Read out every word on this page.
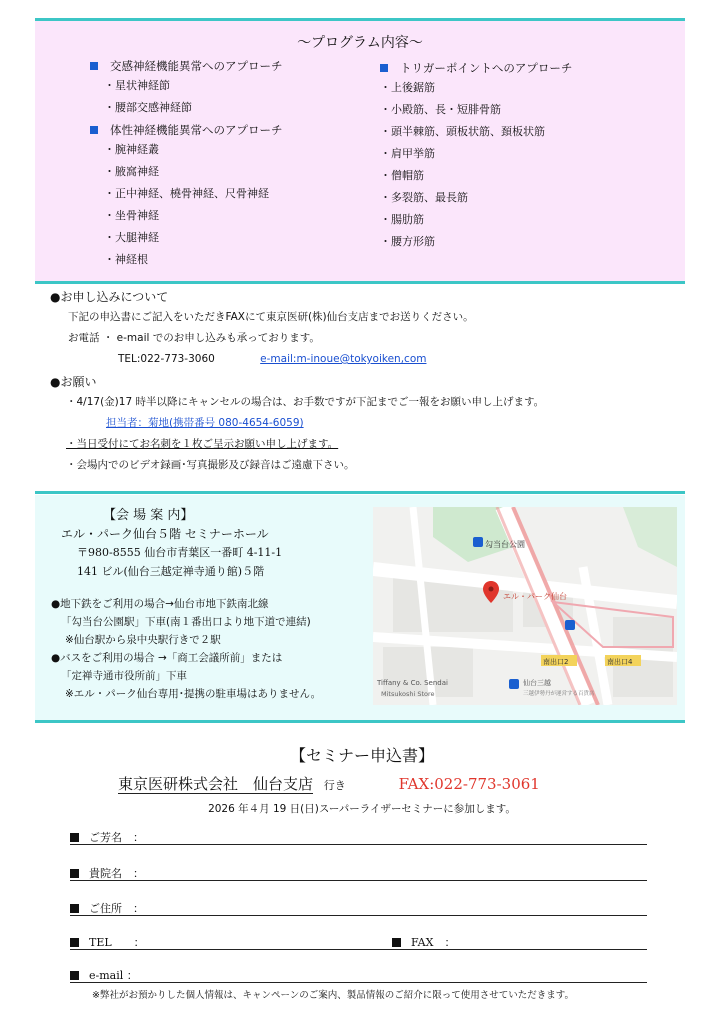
～プログラム内容～
交感神経機能異常へのアプローチ
・星状神経節
・腰部交感神経節
体性神経機能異常へのアプローチ
・腕神経叢
・腋窩神経
・正中神経、橈骨神経、尺骨神経
・坐骨神経
・大腿神経
・神経根
トリガーポイントへのアプローチ
・上後鋸筋
・小殿筋、長・短腓骨筋
・頭半棘筋、頭板状筋、頚板状筋
・肩甲挙筋
・僧帽筋
・多裂筋、最長筋
・腸肋筋
・腰方形筋
●お申し込みについて
下記の申込書にご記入をいただきFAXにて東京医研(株)仙台支店までお送りください。
お電話 ・ e-mail でのお申し込みも承っております。
TEL:022-773-3060	e-mail:m-inoue@tokyoiken,com
●お願い
・4/17(金)17 時半以降にキャンセルの場合は、お手数ですが下記までご一報をお願い申し上げます。
担当者：菊地(携帯番号 080-4654-6059)
・当日受付にてお名刺を１枚ご呈示お願い申し上げます。
・会場内でのビデオ録画･写真撮影及び録音はご遠慮下さい。
【会 場 案 内】
エル・パーク仙台５階 セミナーホール
〒980-8555 仙台市青葉区一番町 4-11-1
141 ビル(仙台三越定禅寺通り館)５階
●地下鉄をご利用の場合→仙台市地下鉄南北線
「勾当台公園駅」下車(南１番出口より地下道で連結)
※仙台駅から泉中央駅行きで２駅
●バスをご利用の場合 →「商工会議所前」または
「定禅寺通市役所前」下車
※エル・パーク仙台専用･提携の駐車場はありません。
勾当台公園
エル・パーク仙台
南出口2	南出口4
仙台三越
三越伊勢丹が運営する百貨店
Tiffany & Co. Sendai
Mitsukoshi Store
【セミナー申込書】
東京医研株式会社　仙台支店 行き	FAX:022-773-3061
2026 年４月 19 日(日)スーパーライザーセミナーに参加します。
ご芳名　：
貴院名　：
ご住所　：
TEL　　：	FAX　：
e-mail ：
※弊社がお預かりした個人情報は、キャンペーンのご案内、製品情報のご紹介に限って使用させていただきます。
